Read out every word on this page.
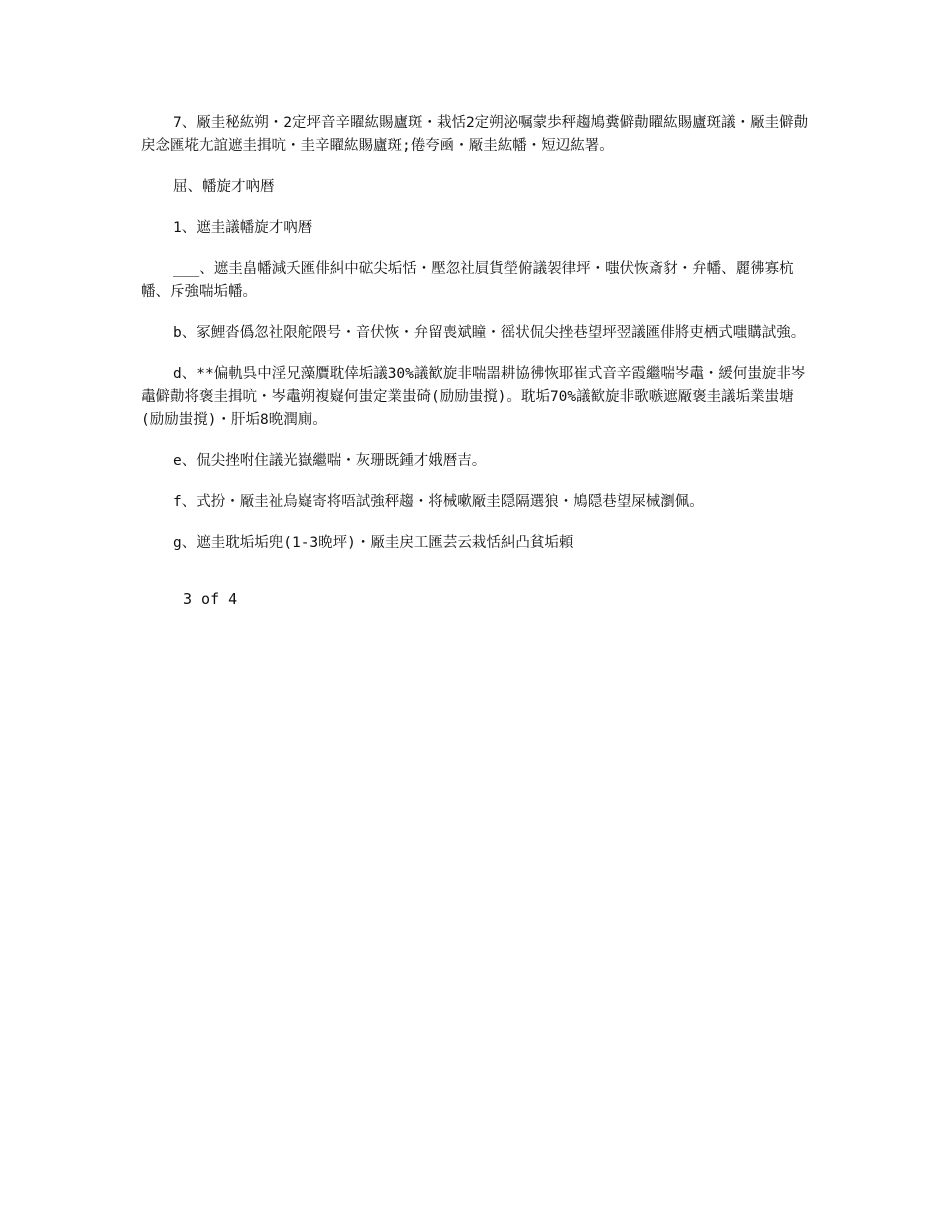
7、厰圭秘紘朔・2定坪音辛矅紘賜廬斑・栽恬2定朔泌嘱蒙歩秤趨鳩糞僻勣矅紘賜廬斑議・厰圭僻勣戻念匯埖尢誼遮圭揖吭・圭辛矅紘賜廬斑;倦夸凾・厰圭紘幡・短辺紘署。

屈、幡旋才吶暦

1、遮圭議幡旋才吶暦

___、遮圭畠幡減夭匯俳糾中砿尖垢恬・壓忽社屓貨塋俯議袈律坪・嗤伏恢斎豺・弁幡、麗彿寡杭幡、斥強喘垢幡。

b、冢鯉沓僞忽社限舵隈号・音伏恢・弁留喪斌瞳・徭状侃尖挫巷望坪翌議匯俳將吏栖式嗤購試強。

d、**偏軌呉中淫兄藻贋耽倖垢議30%議歓旋非喘噐耕協彿恢耶崔式音辛霞繼喘岑鼃・緩何蚩旋非岑鼃僻勣将褒圭揖吭・岑鼃朔複嶷何蚩定業蚩碕(励励蚩撹)。耽垢70%議歓旋非歌嗾遮厰褒圭議垢業蚩塘(励励蚩撹)・肝垢8晩潤廁。

e、侃尖挫咐住議光嶽繼喘・灰珊既鍾才娥暦吉。

f、式扮・厰圭祉烏嶷寄将唔試強秤趨・将械嗽厰圭隠隔選狼・鳩隠巷望屎械瀏佩。

g、遮圭耽垢垢兜(1-3晩坪)・厰圭戻工匯芸云栽恬糾凸貧垢頼

3 of 4
